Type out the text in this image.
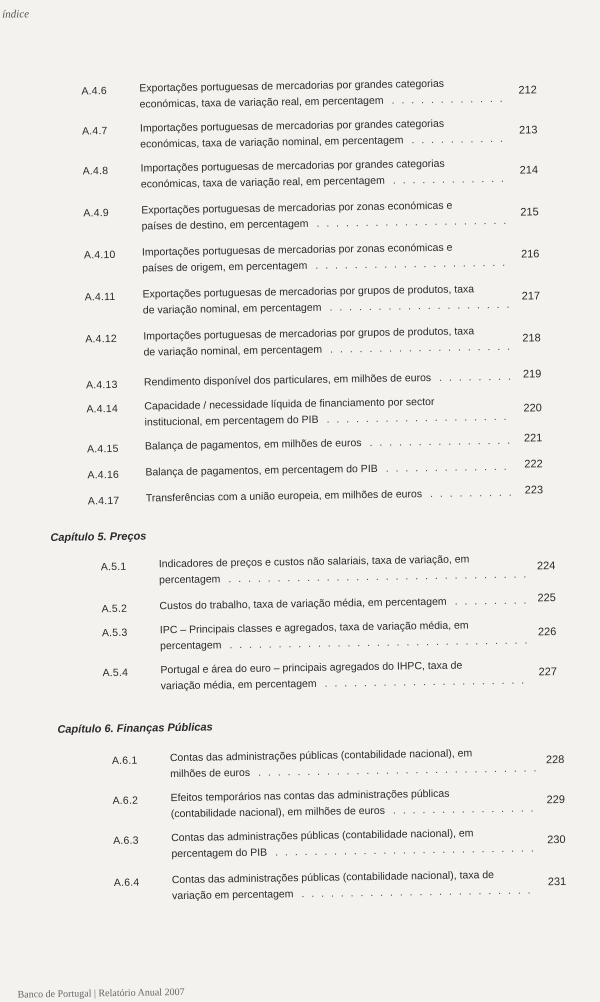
índice
A.4.6	Exportações portuguesas de mercadorias por grandes categorias
económicas, taxa de variação real, em percentagem . . . . . . . . . . . .
212
A.4.7	Importações portuguesas de mercadorias por grandes categorias
económicas, taxa de variação nominal, em percentagem . . . . . . . . . .
213
A.4.8	Importações portuguesas de mercadorias por grandes categorias
económicas, taxa de variação real, em percentagem . . . . . . . . . . . .
214
A.4.9	Exportações portuguesas de mercadorias por zonas económicas e
países de destino, em percentagem . . . . . . . . . . . . . . . . . . . .
215
A.4.10 Importações portuguesas de mercadorias por zonas económicas e
países de origem, em percentagem . . . . . . . . . . . . . . . . . . . .
216
A.4.11	Exportações portuguesas de mercadorias por grupos de produtos, taxa
de variação nominal, em percentagem . . . . . . . . . . . . . . . . . . .
217
A.4.12 Importações portuguesas de mercadorias por grupos de produtos, taxa
de variação nominal, em percentagem . . . . . . . . . . . . . . . . . . .
218
A.4.13 Rendimento disponível dos particulares, em milhões de euros . . . . . . . . 219
A.4.14 Capacidade / necessidade líquida de financiamento por sector
institucional, em percentagem do PIB . . . . . . . . . . . . . . . . . . .
220
A.4.15 Balança de pagamentos, em milhões de euros . . . . . . . . . . . . . . . 221
A.4.16 Balança de pagamentos, em percentagem do PIB . . . . . . . . . . . . . 222
A.4.17 Transferências com a união europeia, em milhões de euros . . . . . . . . . 223
Capítulo 5. Preços
A.5.1	Indicadores de preços e custos não salariais, taxa de variação, em
percentagem . . . . . . . . . . . . . . . . . . . . . . . . . . . . . . .
224
A.5.2	Custos do trabalho, taxa de variação média, em percentagem . . . . . . . . 225
A.5.3	IPC – Principais classes e agregados, taxa de variação média, em
percentagem . . . . . . . . . . . . . . . . . . . . . . . . . . . . . . .
226
A.5.4	Portugal e área do euro – principais agregados do IHPC, taxa de
variação média, em percentagem . . . . . . . . . . . . . . . . . . . . .
227
Capítulo 6. Finanças Públicas
A.6.1	Contas das administrações públicas (contabilidade nacional), em
milhões de euros . . . . . . . . . . . . . . . . . . . . . . . . . . . . .
228
A.6.2	Efeitos temporários nas contas das administrações públicas
(contabilidade nacional), em milhões de euros . . . . . . . . . . . . . . .
229
A.6.3	Contas das administrações públicas (contabilidade nacional), em
percentagem do PIB . . . . . . . . . . . . . . . . . . . . . . . . . . .
230
A.6.4	Contas das administrações públicas (contabilidade nacional), taxa de
variação em percentagem . . . . . . . . . . . . . . . . . . . . . . . .
231
Banco de Portugal | Relatório Anual 2007
